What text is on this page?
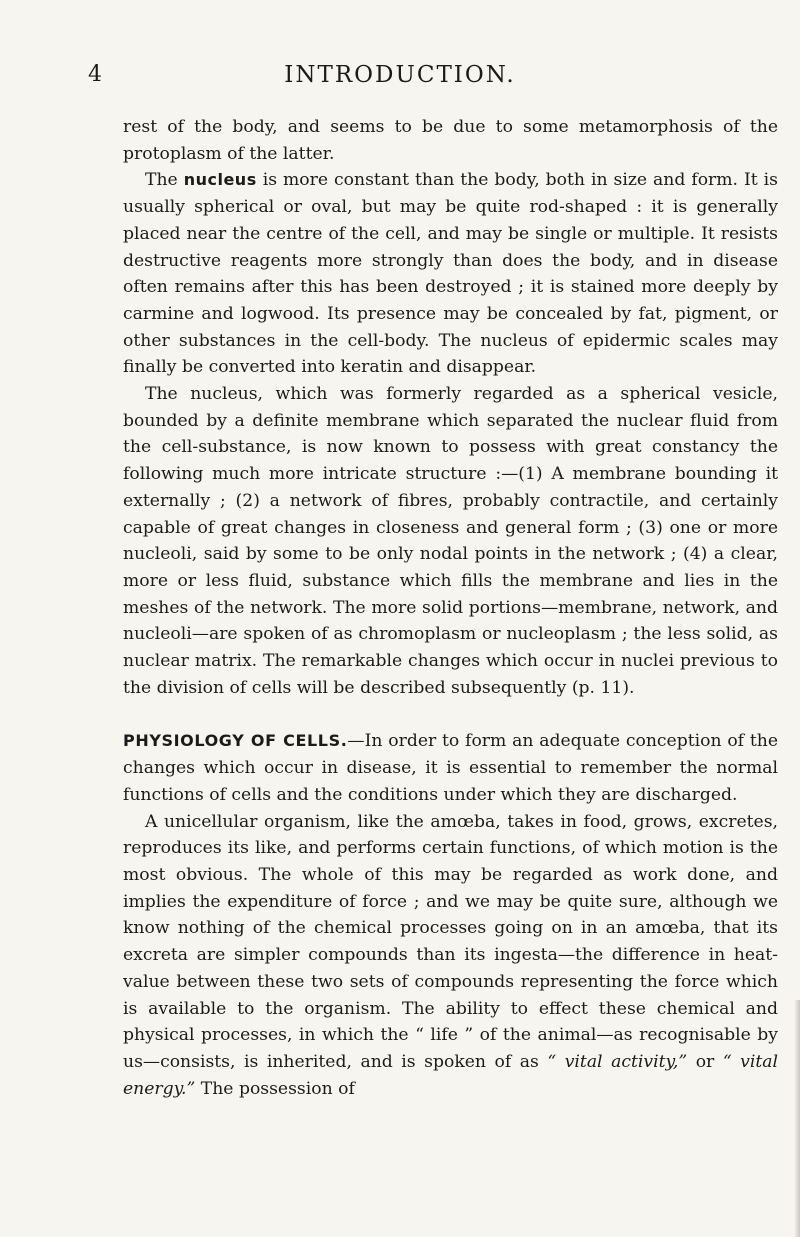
4	INTRODUCTION.

rest of the body, and seems to be due to some metamorphosis of the protoplasm of the latter.

The nucleus is more constant than the body, both in size and form. It is usually spherical or oval, but may be quite rod-shaped : it is generally placed near the centre of the cell, and may be single or multiple. It resists destructive reagents more strongly than does the body, and in disease often remains after this has been destroyed ; it is stained more deeply by carmine and logwood. Its presence may be concealed by fat, pigment, or other substances in the cell-body. The nucleus of epidermic scales may finally be converted into keratin and disappear.

The nucleus, which was formerly regarded as a spherical vesicle, bounded by a definite membrane which separated the nuclear fluid from the cell-substance, is now known to possess with great constancy the following much more intricate structure :—(1) A membrane bounding it externally ; (2) a network of fibres, probably contractile, and certainly capable of great changes in closeness and general form ; (3) one or more nucleoli, said by some to be only nodal points in the network ; (4) a clear, more or less fluid, substance which fills the membrane and lies in the meshes of the network. The more solid portions—membrane, network, and nucleoli—are spoken of as chromoplasm or nucleoplasm ; the less solid, as nuclear matrix. The remarkable changes which occur in nuclei previous to the division of cells will be described subsequently (p. 11).

PHYSIOLOGY OF CELLS.—In order to form an adequate conception of the changes which occur in disease, it is essential to remember the normal functions of cells and the conditions under which they are discharged.

A unicellular organism, like the amœba, takes in food, grows, excretes, reproduces its like, and performs certain functions, of which motion is the most obvious. The whole of this may be regarded as work done, and implies the expenditure of force ; and we may be quite sure, although we know nothing of the chemical processes going on in an amœba, that its excreta are simpler compounds than its ingesta—the difference in heat-value between these two sets of compounds representing the force which is available to the organism. The ability to effect these chemical and physical processes, in which the “ life ” of the animal—as recognisable by us—consists, is inherited, and is spoken of as “ vital activity,” or “ vital energy.” The possession of
